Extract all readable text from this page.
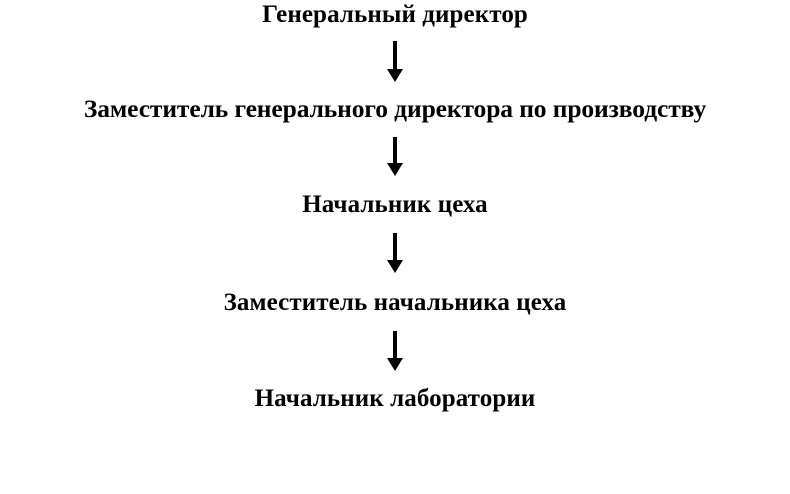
Генеральный директор
Заместитель генерального директора по производству
Начальник цеха
Заместитель начальника цеха
Начальник лаборатории
